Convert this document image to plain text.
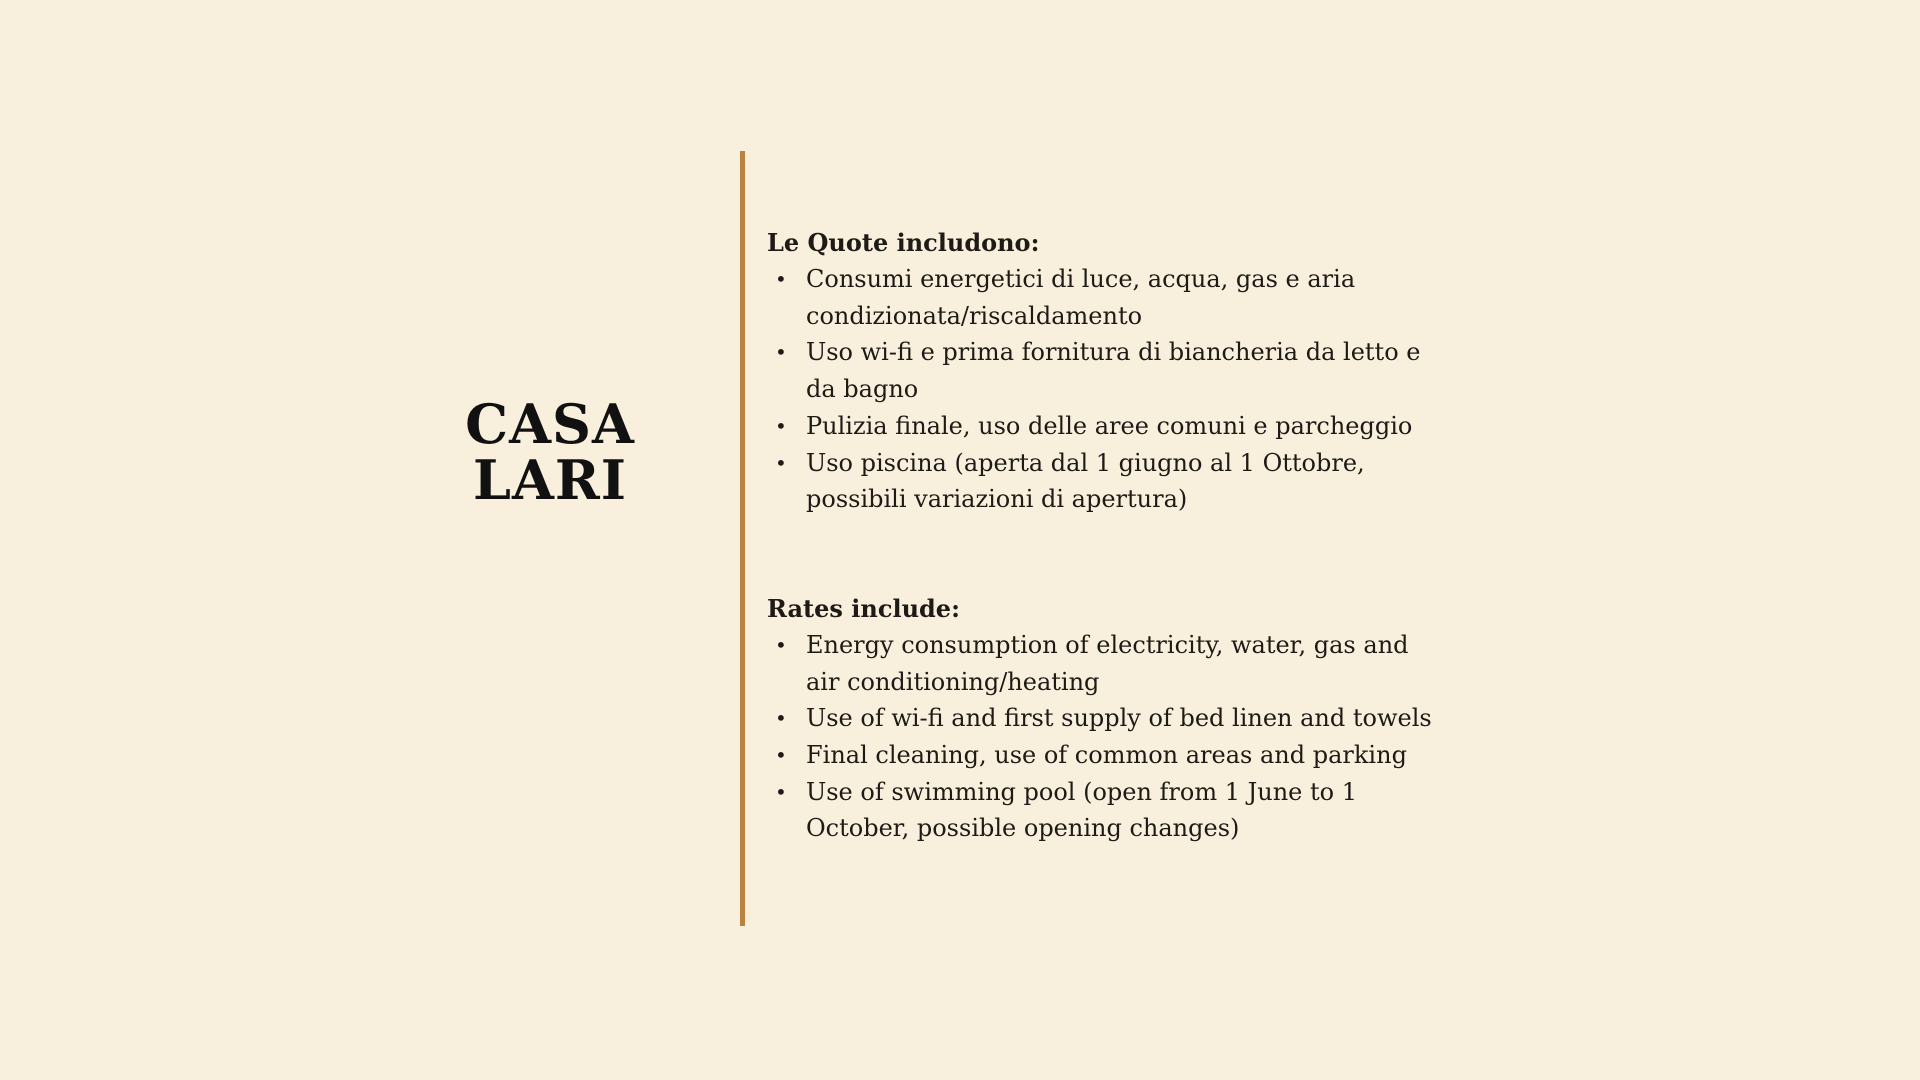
CASA
LARI

Le Quote includono:

• Consumi energetici di luce, acqua, gas e aria condizionata/riscaldamento
• Uso wi-fi e prima fornitura di biancheria da letto e da bagno
• Pulizia finale, uso delle aree comuni e parcheggio
• Uso piscina (aperta dal 1 giugno al 1 Ottobre, possibili variazioni di apertura)

Rates include:

• Energy consumption of electricity, water, gas and air conditioning/heating
• Use of wi-fi and first supply of bed linen and towels
• Final cleaning, use of common areas and parking
• Use of swimming pool (open from 1 June to 1 October, possible opening changes)
